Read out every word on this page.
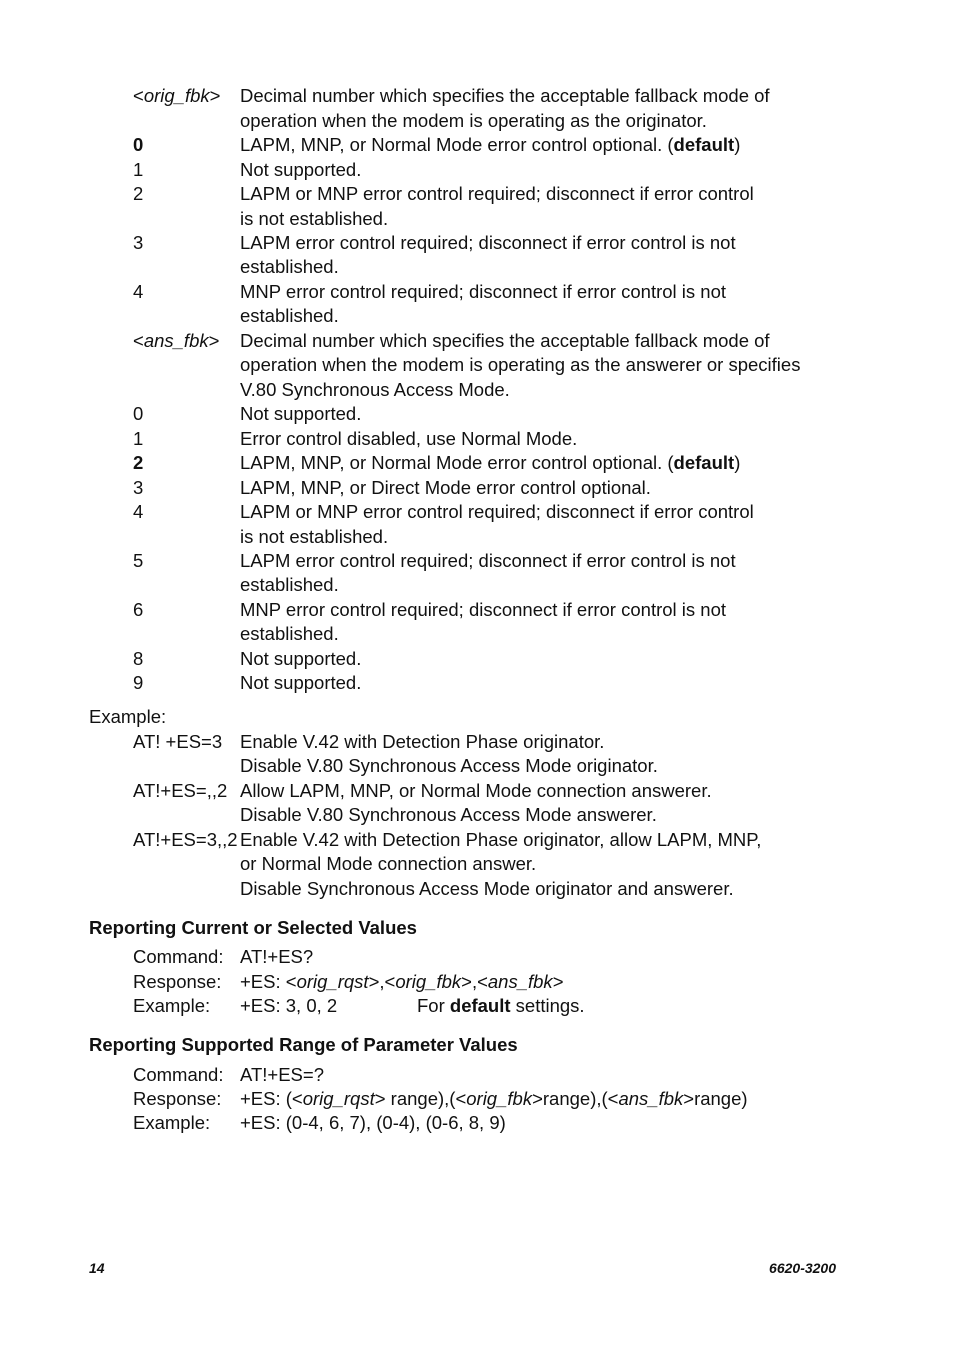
<orig_fbk> Decimal number which specifies the acceptable fallback mode of
operation when the modem is operating as the originator.
0	LAPM, MNP, or Normal Mode error control optional. (default)
1	Not supported.
2	LAPM or MNP error control required; disconnect if error control
is not established.
3	LAPM error control required; disconnect if error control is not
established.
4	MNP error control required; disconnect if error control is not
established.
<ans_fbk> Decimal number which specifies the acceptable fallback mode of
operation when the modem is operating as the answerer or specifies
V.80 Synchronous Access Mode.
0	Not supported.
1	Error control disabled, use Normal Mode.
2	LAPM, MNP, or Normal Mode error control optional. (default)
3	LAPM, MNP, or Direct Mode error control optional.
4	LAPM or MNP error control required; disconnect if error control
is not established.
5	LAPM error control required; disconnect if error control is not
established.
6	MNP error control required; disconnect if error control is not
established.
8	Not supported.
9	Not supported.
Example:
AT! +ES=3 Enable V.42 with Detection Phase originator.
Disable V.80 Synchronous Access Mode originator.
AT!+ES=,,2 Allow LAPM, MNP, or Normal Mode connection answerer.
Disable V.80 Synchronous Access Mode answerer.
AT!+ES=3,,2 Enable V.42 with Detection Phase originator, allow LAPM, MNP,
or Normal Mode connection answer.
Disable Synchronous Access Mode originator and answerer.
Reporting Current or Selected Values
Command: AT!+ES?
Response: +ES: <orig_rqst>,<orig_fbk>,<ans_fbk>
Example: +ES: 3, 0, 2	For default settings.
Reporting Supported Range of Parameter Values
Command: AT!+ES=?
Response: +ES: (<orig_rqst> range),(<orig_fbk>range),(<ans_fbk>range)
Example: +ES: (0-4, 6, 7), (0-4), (0-6, 8, 9)
14	6620-3200
